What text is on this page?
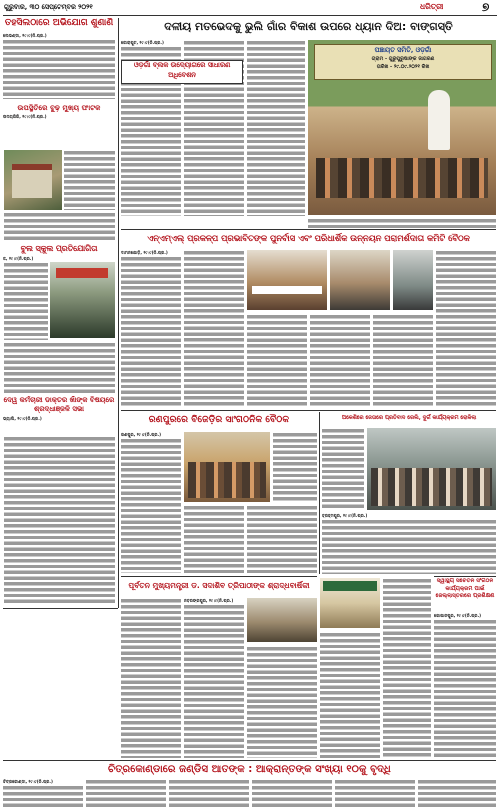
ଗୁରୁବାର, ୩୦ ସେପ୍ଟେମ୍ବର ୨୦୨୧	ଧରିତ୍ରୀ	୭
ତହସିଲଠାରେ ଅଭିଯୋଗ ଶୁଣାଣି
ଲେଭଣ୍ଡା, ୨୯।୯(ନି.ପ୍ର.)
ଉପସ୍ଥିତିରେ ବୁଢ଼ ମୁଖ୍ୟ ଫାଟକ
ଉଦୟଗିରି, ୨୯।୯(ନି.ପ୍ର.)
ବୁଲ ସ୍କୁଲ ପ୍ରତିଯୋଗିତା
ଜ, ୨୯।୯(ନି.ପ୍ର.)
ଦେୱ କର୍ମଚାରୀ ଡାକ୍ତର ଖାଁଙ୍କ ବିଷୟରେ ଶ୍ରଦ୍ଧାଞ୍ଜଳି ସଭା
ଭ୍ୟାଲି, ୨୯।୯(ନି.ପ୍ର.)
ଦଳୀୟ ମତଭେଦକୁ ଭୁଲି ଗାଁର ବିକାଶ ଉପରେ ଧ୍ୟାନ ଦିଅ: ବାଙ୍ଗସ୍ତି
କୋରାପୁଟ, ୨୯।୯(ନି.ପ୍ର.)
ଓଡ଼ଗାଁ ବ୍ଲକ ଉଦ୍ୟୋଗରେ ସାଧାରଣ ଅଧିବେଶନ
ପଞ୍ଚାୟତ ସମିତି, ଓଡ଼ଗାଁ
ଗ୍ରାମ - ଗୁରୁପୁରୁଷାଙ୍କ ଜାଗରଣ
ତାରିଖ - ୨୯.୦୯.୨୦୨୧ ରିଖ
ଏନ୍‌ଏମ୍‌ଏଲ୍ ପ୍ରକଳ୍ପ ପ୍ରଭାବିତଙ୍କ ପୁନର୍ବାସ ଏବଂ ପରିଧାର୍ଶିକ ଉନ୍ନୟନ ପରାମର୍ଶଦାତା କମିଟି ବୈଠକ
ଦାମନଯୋଡ଼ି, ୨୯।୯(ନି.ପ୍ର.)
ରଣପୁରରେ ବିଜେଡ଼ିର ସାଂଗଠନିକ ବୈଠକ
ରଣପୁର, ୨୯।୯(ନି.ପ୍ର.)
ଅକେଶିରେ ଜେତାରେ ପ୍ରତିବାଦ ରେଲି, ଦୁର୍ଗ କାର୍ଯ୍ୟକ୍ରମ ରୋକିଲା
ବ୍ରହ୍ମପୁର, ୨୯।୯(ନି.ପ୍ର.)
ପୂର୍ବତନ ମୁଖ୍ୟମନ୍ତ୍ରୀ ଡ. ସଦାଶିବ ତ୍ରିପାଠୀଙ୍କ ଶ୍ରାଦ୍ଧବାର୍ଷିକୀ
ନବରଙ୍ଗପୁର, ୨୯।୯(ନି.ପ୍ର.)
ସ୍ୱାସ୍ଥ୍ୟ ସଚେତନ ସଂଗଠନ କାର୍ଯ୍ୟକ୍ରମ ପାଇଁ ଜେଲ୍ଲାସ୍ତରରେ ପ୍ରଶିକ୍ଷଣ
ଗୋପାଳପୁର, ୨୯।୯(ନି.ପ୍ର.)
ଚିତ୍ରକୋଣ୍ଡାରେ ଜଣ୍ଡିସ ଆତଙ୍କ : ଆକ୍ରାନ୍ତଙ୍କ ସଂଖ୍ୟା ୧୦କୁ ବୃଦ୍ଧି
ଚିତ୍ରକୋଣ୍ଡା, ୨୯।୯(ନି.ପ୍ର.)
